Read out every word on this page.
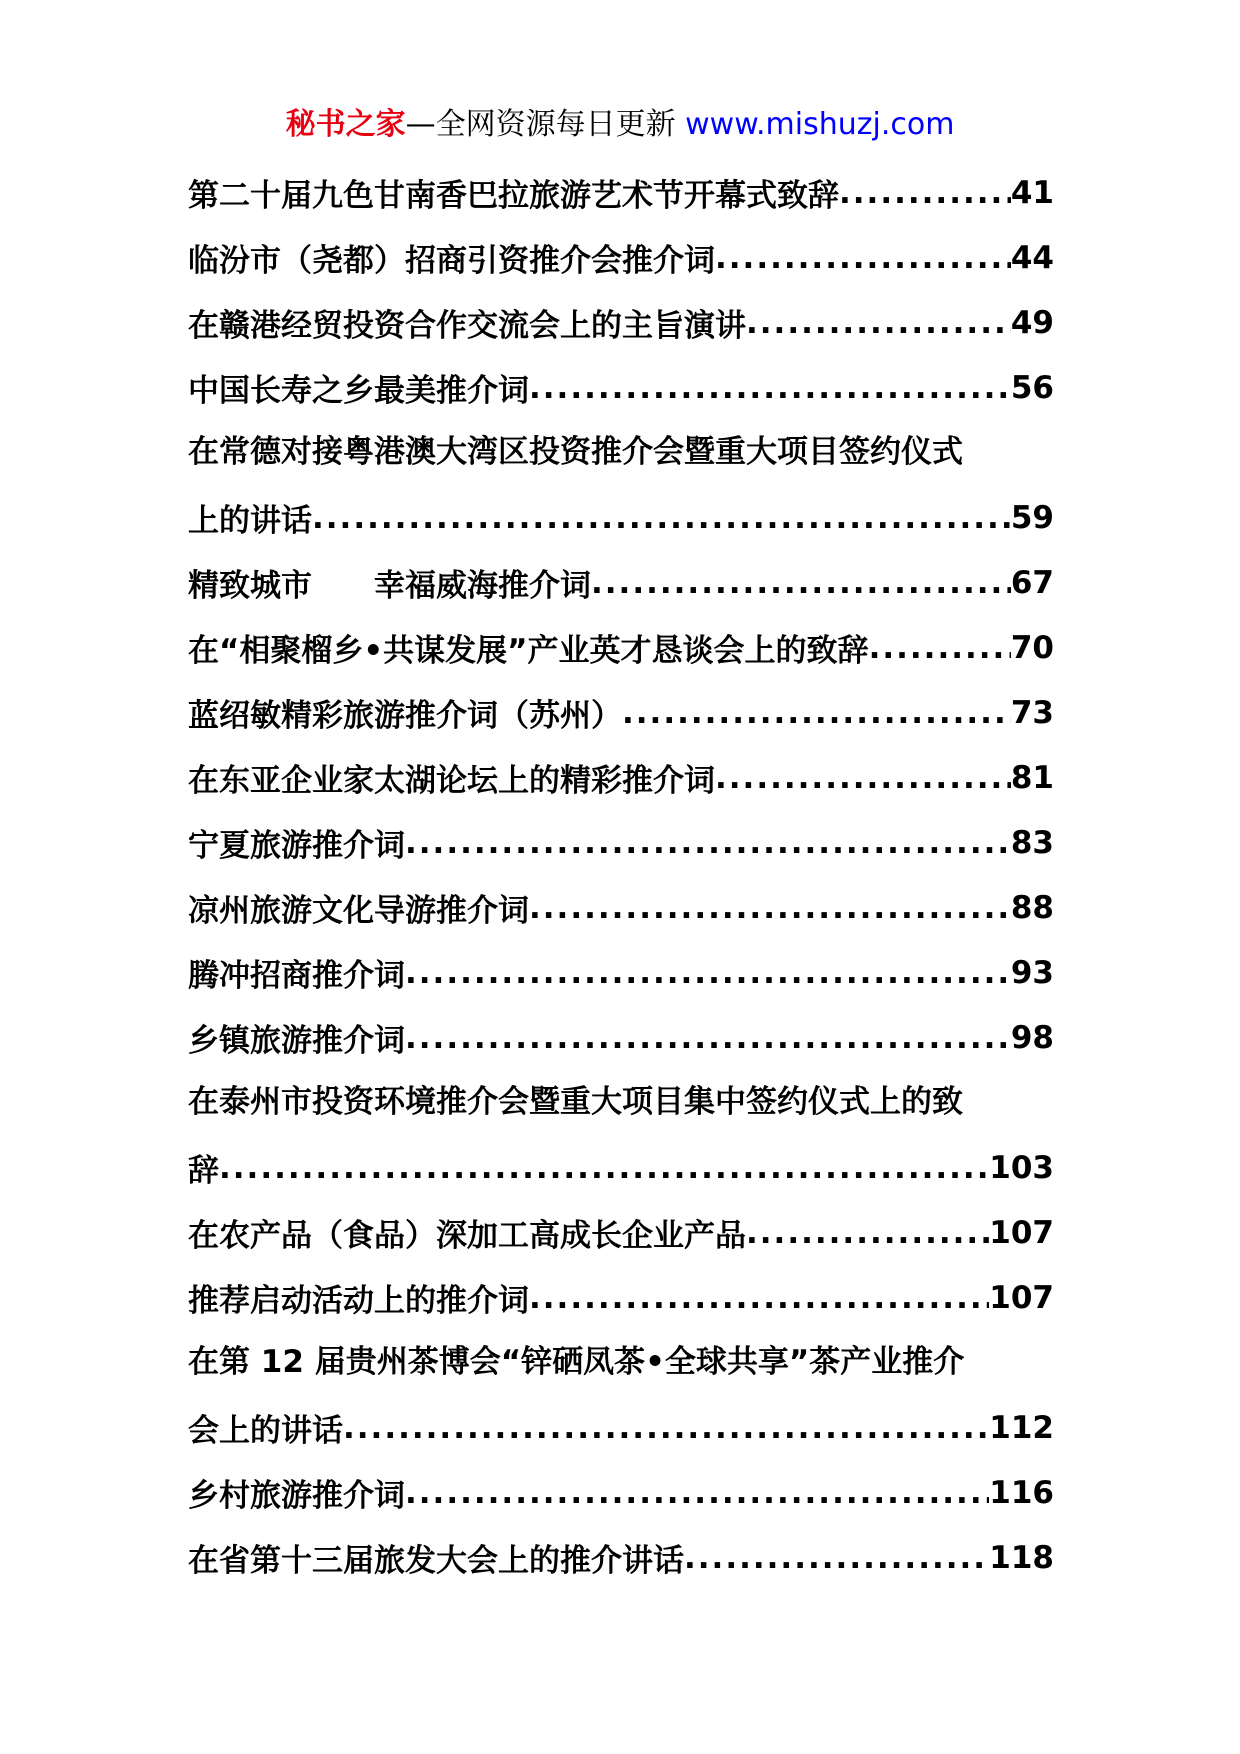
秘书之家—全网资源每日更新 www.mishuzj.com
第二十届九色甘南香巴拉旅游艺术节开幕式致辞 .....	41
临汾市（尧都）招商引资推介会推介词 .....	44
在赣港经贸投资合作交流会上的主旨演讲 .....	49
中国长寿之乡最美推介词 .....	56
在常德对接粤港澳大湾区投资推介会暨重大项目签约仪式
上的讲话 .....	59
精致城市　　幸福威海推介词 .....	67
在“相聚榴乡•共谋发展”产业英才恳谈会上的致辞 .....	70
蓝绍敏精彩旅游推介词（苏州） .....	73
在东亚企业家太湖论坛上的精彩推介词 .....	81
宁夏旅游推介词 .....	83
凉州旅游文化导游推介词 .....	88
腾冲招商推介词 .....	93
乡镇旅游推介词 .....	98
在泰州市投资环境推介会暨重大项目集中签约仪式上的致
辞 .....	103
在农产品（食品）深加工高成长企业产品 .....	107
推荐启动活动上的推介词 .....	107
在第 12 届贵州茶博会“锌硒凤茶•全球共享”茶产业推介
会上的讲话 .....	112
乡村旅游推介词 .....	116
在省第十三届旅发大会上的推介讲话 .....	118
